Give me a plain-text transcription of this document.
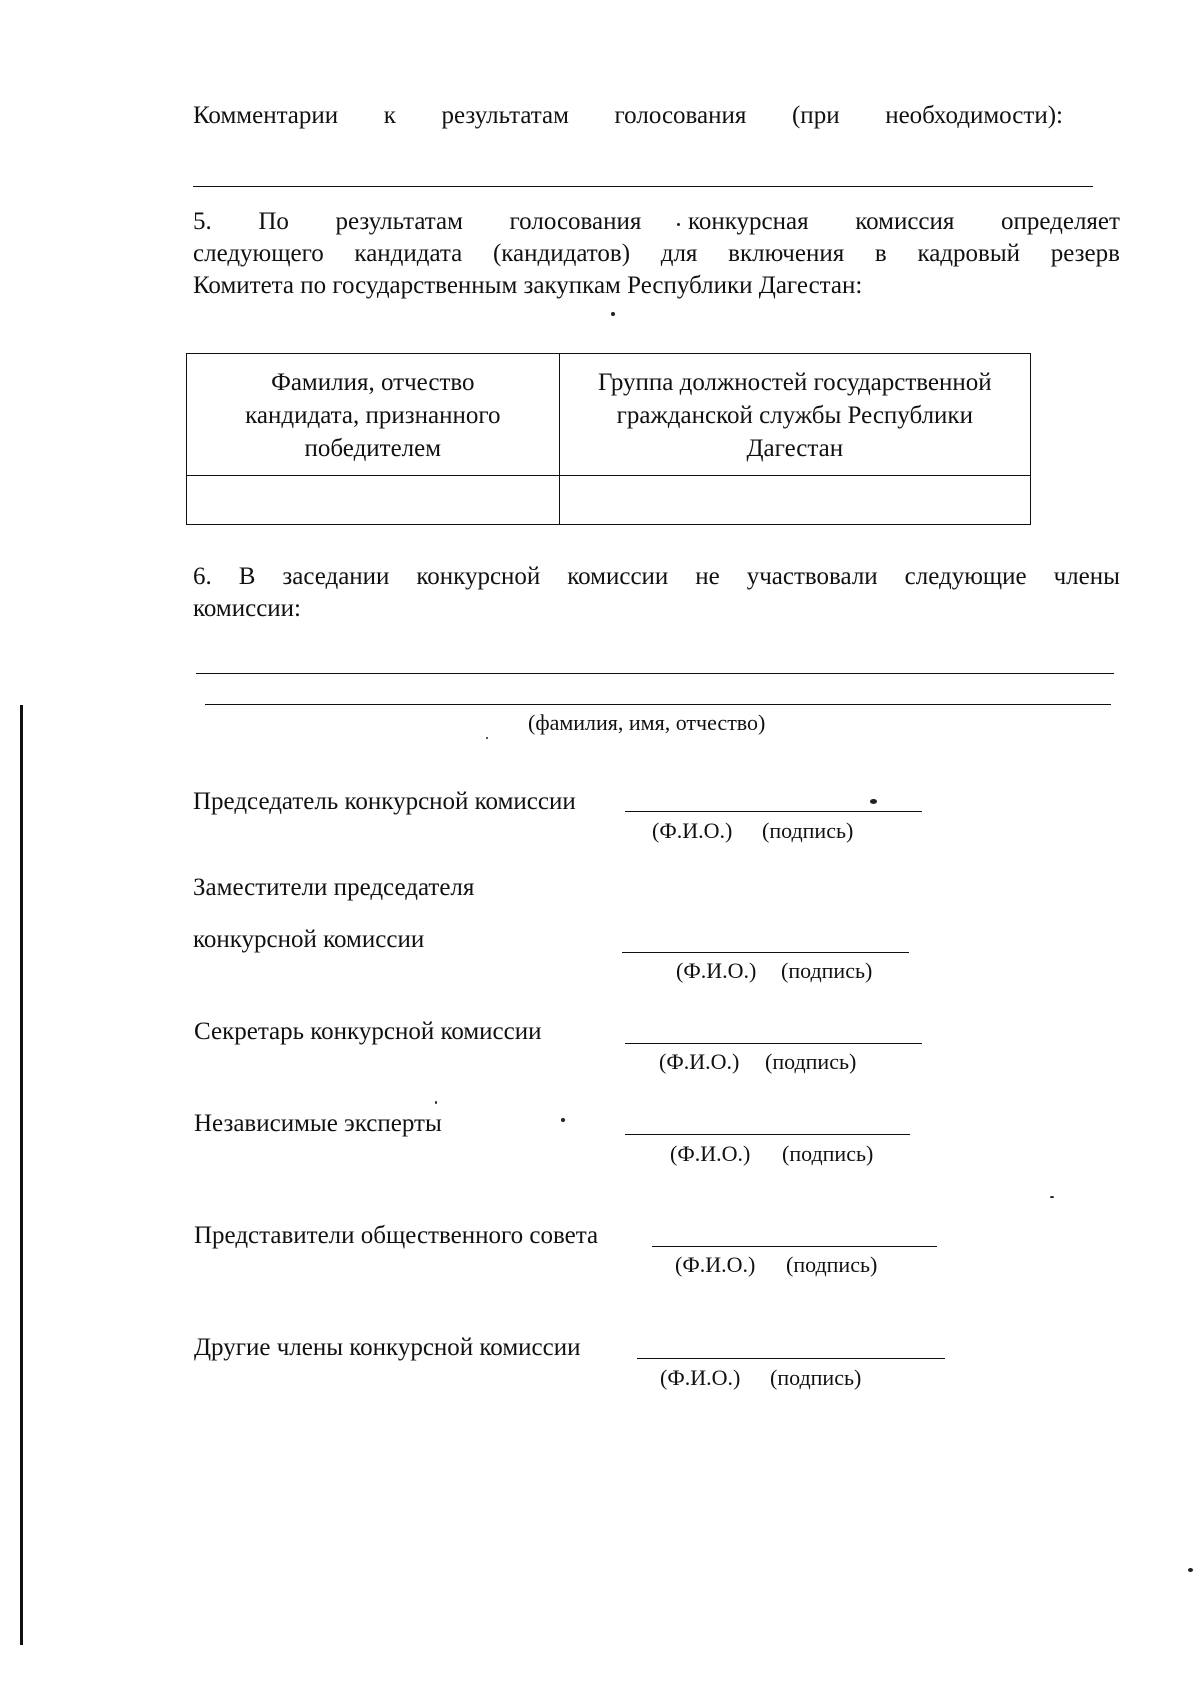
Комментарии к результатам голосования (при необходимости):
5. По результатам голосования конкурсная комиссия определяет
следующего кандидата (кандидатов) для включения в кадровый резерв
Комитета по государственным закупкам Республики Дагестан:
Фамилия, отчество кандидата, признанного победителем	Группа должностей государственной гражданской службы Республики Дагестан

6. В заседании конкурсной комиссии не участвовали следующие члены
комиссии:
(фамилия, имя, отчество)
Председатель конкурсной комиссии
(Ф.И.О.) (подпись)
Заместители председателя
конкурсной комиссии
(Ф.И.О.) (подпись)
Секретарь конкурсной комиссии
(Ф.И.О.) (подпись)
Независимые эксперты
(Ф.И.О.) (подпись)
Представители общественного совета
(Ф.И.О.) (подпись)
Другие члены конкурсной комиссии
(Ф.И.О.) (подпись)
